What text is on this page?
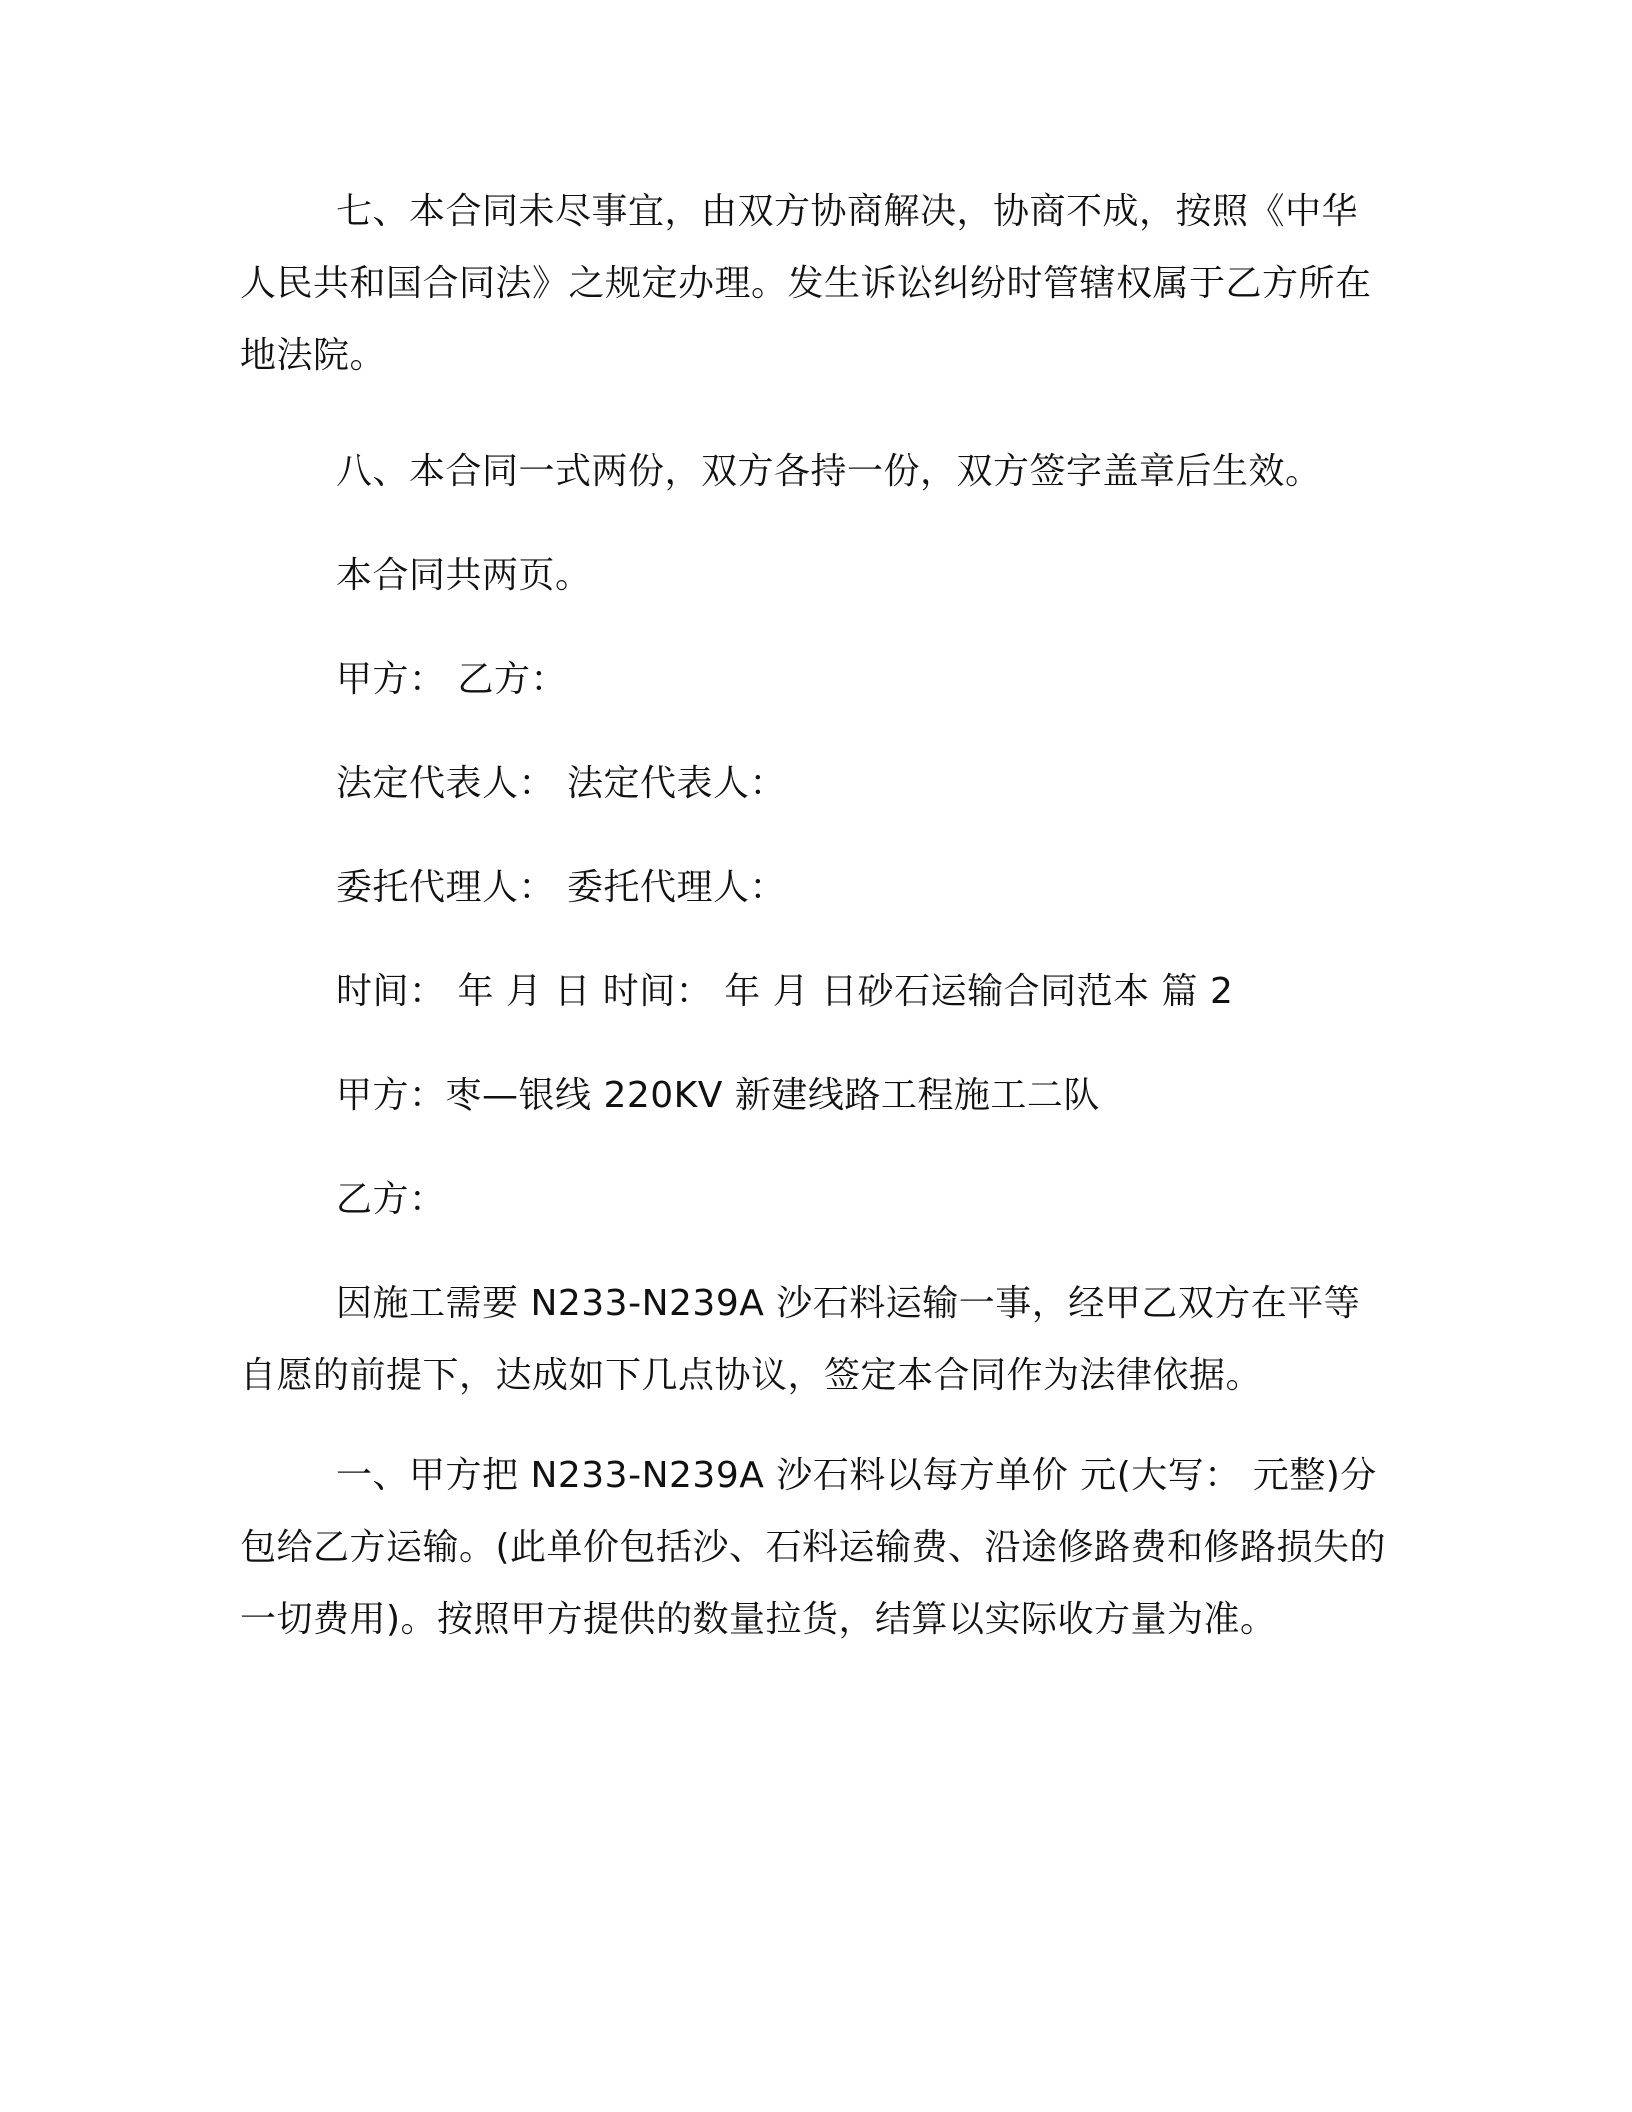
七、本合同未尽事宜，由双方协商解决，协商不成，按照《中华人民共和国合同法》之规定办理。发生诉讼纠纷时管辖权属于乙方所在地法院。

八、本合同一式两份，双方各持一份，双方签字盖章后生效。

本合同共两页。

甲方： 乙方：

法定代表人： 法定代表人：

委托代理人： 委托代理人：

时间： 年 月 日 时间： 年 月 日砂石运输合同范本 篇 2

甲方：枣—银线 220KV 新建线路工程施工二队

乙方：

因施工需要 N233-N239A 沙石料运输一事，经甲乙双方在平等自愿的前提下，达成如下几点协议，签定本合同作为法律依据。

一、甲方把 N233-N239A 沙石料以每方单价 元(大写： 元整)分包给乙方运输。(此单价包括沙、石料运输费、沿途修路费和修路损失的一切费用)。按照甲方提供的数量拉货，结算以实际收方量为准。
